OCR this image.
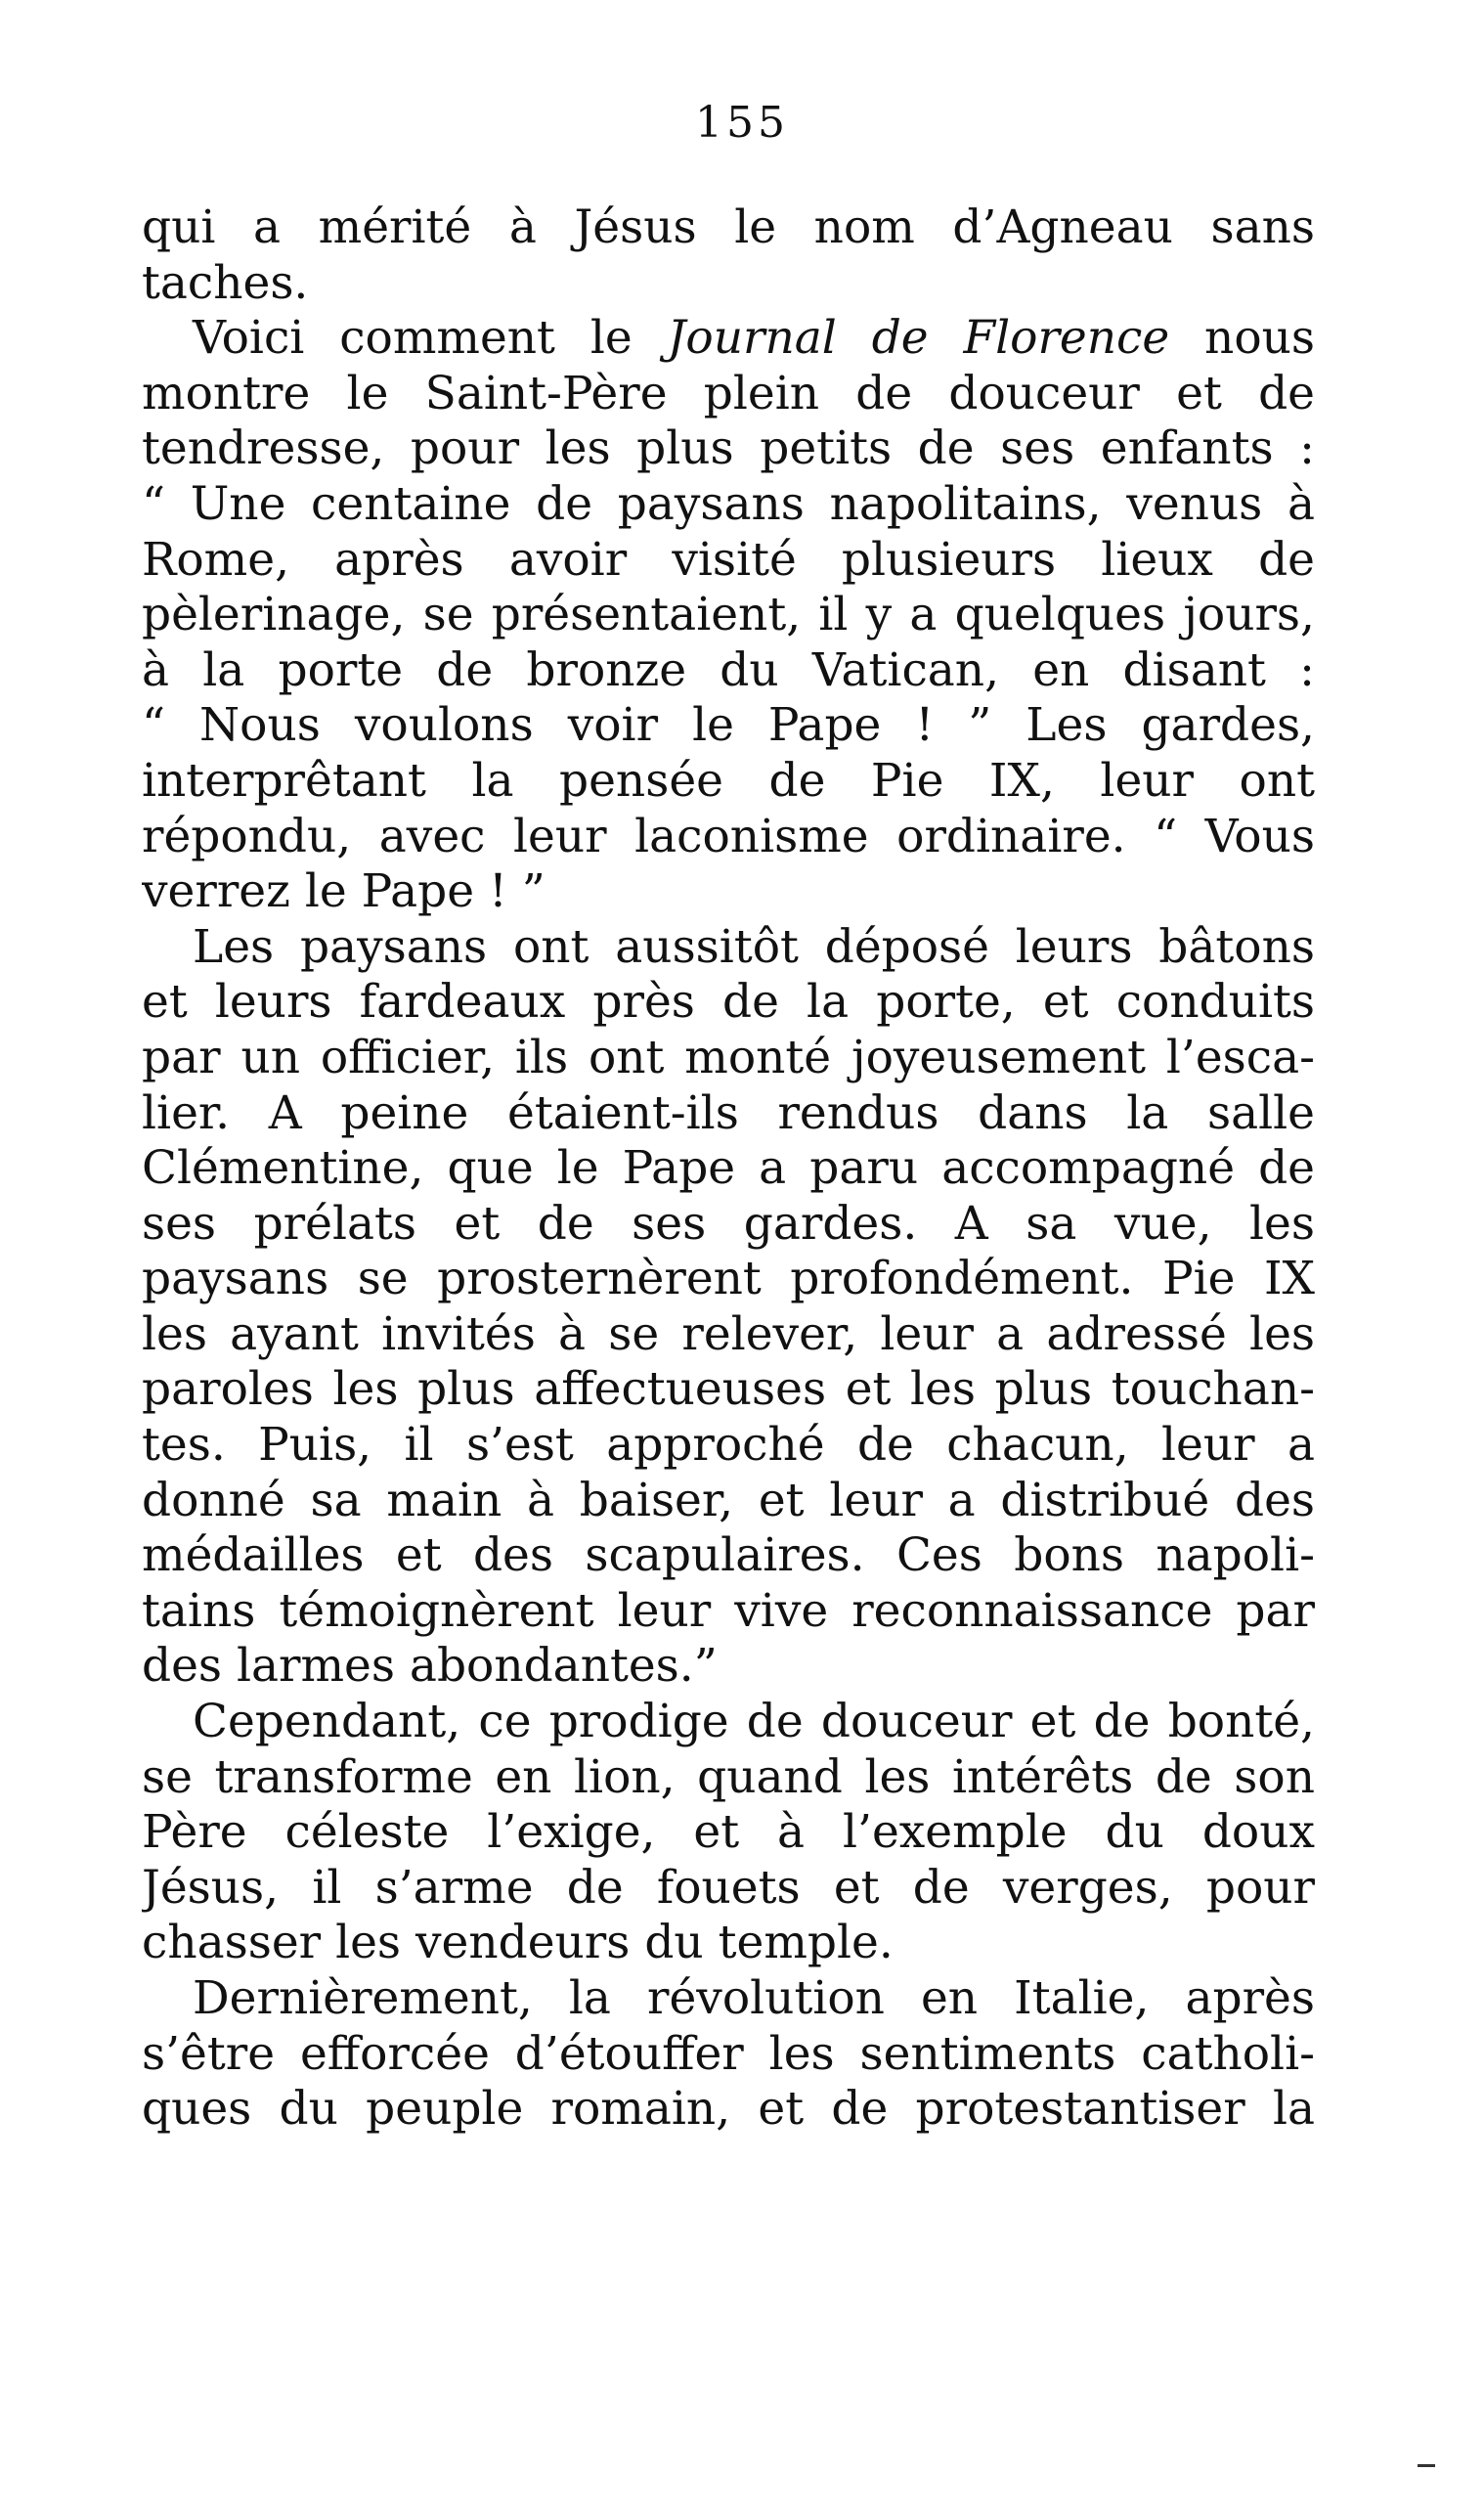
155
qui a mérité à Jésus le nom d’Agneau sans
taches.
Voici comment le Journal de Florence nous
montre le Saint-Père plein de douceur et de
tendresse, pour les plus petits de ses enfants :
“ Une centaine de paysans napolitains, venus à
Rome, après avoir visité plusieurs lieux de
pèlerinage, se présentaient, il y a quelques jours,
à la porte de bronze du Vatican, en disant :
“ Nous voulons voir le Pape ! ” Les gardes,
interprêtant la pensée de Pie IX, leur ont
répondu, avec leur laconisme ordinaire. “ Vous
verrez le Pape ! ”
Les paysans ont aussitôt déposé leurs bâtons
et leurs fardeaux près de la porte, et conduits
par un officier, ils ont monté joyeusement l’esca-
lier. A peine étaient-ils rendus dans la salle
Clémentine, que le Pape a paru accompagné de
ses prélats et de ses gardes. A sa vue, les
paysans se prosternèrent profondément. Pie IX
les ayant invités à se relever, leur a adressé les
paroles les plus affectueuses et les plus touchan-
tes. Puis, il s’est approché de chacun, leur a
donné sa main à baiser, et leur a distribué des
médailles et des scapulaires. Ces bons napoli-
tains témoignèrent leur vive reconnaissance par
des larmes abondantes.”
Cependant, ce prodige de douceur et de bonté,
se transforme en lion, quand les intérêts de son
Père céleste l’exige, et à l’exemple du doux
Jésus, il s’arme de fouets et de verges, pour
chasser les vendeurs du temple.
Dernièrement, la révolution en Italie, après
s’être efforcée d’étouffer les sentiments catholi-
ques du peuple romain, et de protestantiser la
